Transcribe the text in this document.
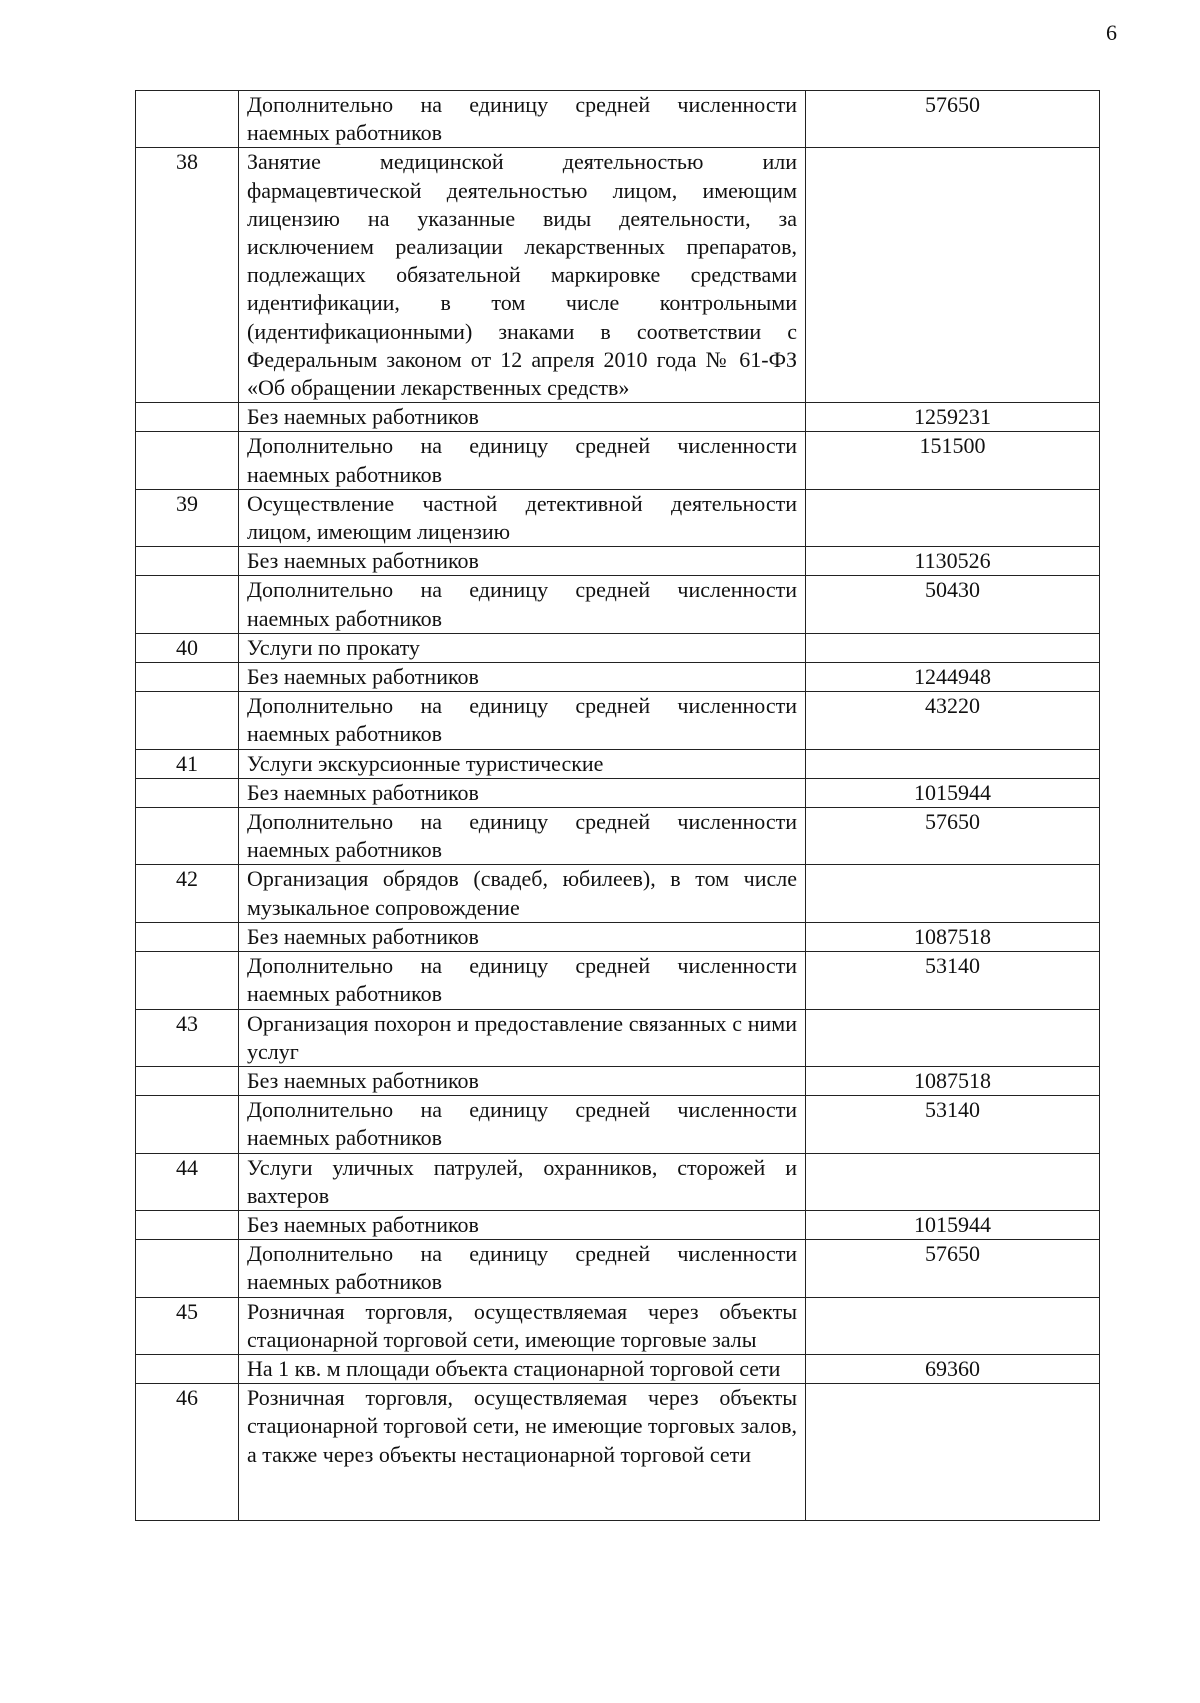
6
	Дополнительно на единицу средней численности наемных работников	57650
38	Занятие медицинской деятельностью или фармацевтической деятельностью лицом, имеющим лицензию на указанные виды деятельности, за исключением реализации лекарственных препаратов, подлежащих обязательной маркировке средствами идентификации, в том числе контрольными (идентификационными) знаками в соответствии с Федеральным законом от 12 апреля 2010 года № 61-ФЗ «Об обращении лекарственных средств»	
	Без наемных работников	1259231
	Дополнительно на единицу средней численности наемных работников	151500
39	Осуществление частной детективной деятельности лицом, имеющим лицензию	
	Без наемных работников	1130526
	Дополнительно на единицу средней численности наемных работников	50430
40	Услуги по прокату	
	Без наемных работников	1244948
	Дополнительно на единицу средней численности наемных работников	43220
41	Услуги экскурсионные туристические	
	Без наемных работников	1015944
	Дополнительно на единицу средней численности наемных работников	57650
42	Организация обрядов (свадеб, юбилеев), в том числе музыкальное сопровождение	
	Без наемных работников	1087518
	Дополнительно на единицу средней численности наемных работников	53140
43	Организация похорон и предоставление связанных с ними услуг	
	Без наемных работников	1087518
	Дополнительно на единицу средней численности наемных работников	53140
44	Услуги уличных патрулей, охранников, сторожей и вахтеров	
	Без наемных работников	1015944
	Дополнительно на единицу средней численности наемных работников	57650
45	Розничная торговля, осуществляемая через объекты стационарной торговой сети, имеющие торговые залы	
	На 1 кв. м площади объекта стационарной торговой сети	69360
46	Розничная торговля, осуществляемая через объекты стационарной торговой сети, не имеющие торговых залов, а также через объекты нестационарной торговой сети	
